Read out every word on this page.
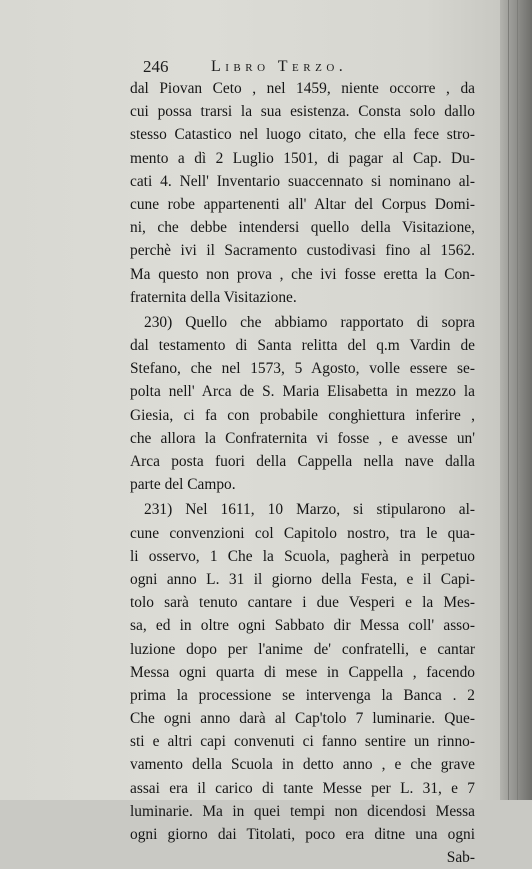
246	Libro Terzo.
dal Piovan Ceto , nel 1459, niente occorre , da
cui possa trarsi la sua esistenza. Consta solo dallo
stesso Catastico nel luogo citato, che ella fece stro-
mento a dì 2 Luglio 1501, di pagar al Cap. Du-
cati 4. Nell' Inventario suaccennato si nominano al-
cune robe appartenenti all' Altar del Corpus Domi-
ni, che debbe intendersi quello della Visitazione,
perchè ivi il Sacramento custodivasi fino al 1562.
Ma questo non prova , che ivi fosse eretta la Con-
fraternita della Visitazione.
230) Quello che abbiamo rapportato di sopra
dal testamento di Santa relitta del q.m Vardin de
Stefano, che nel 1573, 5 Agosto, volle essere se-
polta nell' Arca de S. Maria Elisabetta in mezzo la
Giesia, ci fa con probabile conghiettura inferire ,
che allora la Confraternita vi fosse , e avesse un'
Arca posta fuori della Cappella nella nave dalla
parte del Campo.
231) Nel 1611, 10 Marzo, si stipularono al-
cune convenzioni col Capitolo nostro, tra le qua-
li osservo, 1 Che la Scuola, pagherà in perpetuo
ogni anno L. 31 il giorno della Festa, e il Capi-
tolo sarà tenuto cantare i due Vesperi e la Mes-
sa, ed in oltre ogni Sabbato dir Messa coll' asso-
luzione dopo per l'anime de' confratelli, e cantar
Messa ogni quarta di mese in Cappella , facendo
prima la processione se intervenga la Banca . 2
Che ogni anno darà al Cap'tolo 7 luminarie. Que-
sti e altri capi convenuti ci fanno sentire un rinno-
vamento della Scuola in detto anno , e che grave
assai era il carico di tante Messe per L. 31, e 7
luminarie. Ma in quei tempi non dicendosi Messa
ogni giorno dai Titolati, poco era ditne una ogni
Sab-
